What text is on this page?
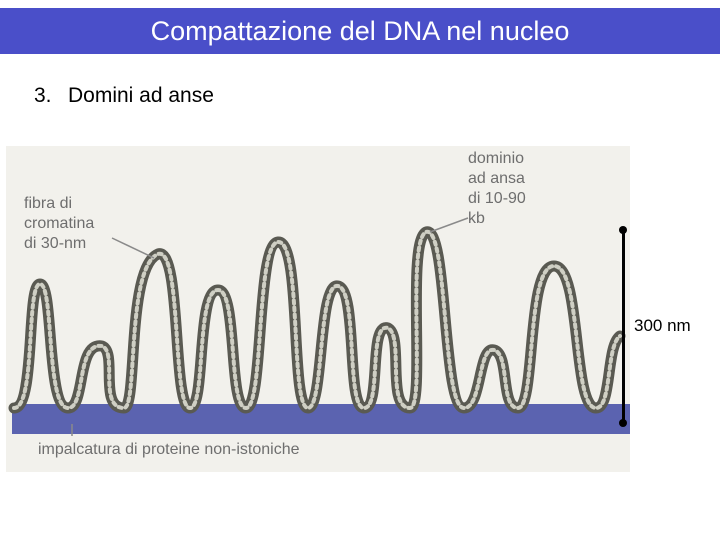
Compattazione del DNA nel nucleo
3. Domini ad anse
fibra di
cromatina
di 30-nm
dominio
ad ansa
di 10-90
kb
impalcatura di proteine non-istoniche
300 nm
